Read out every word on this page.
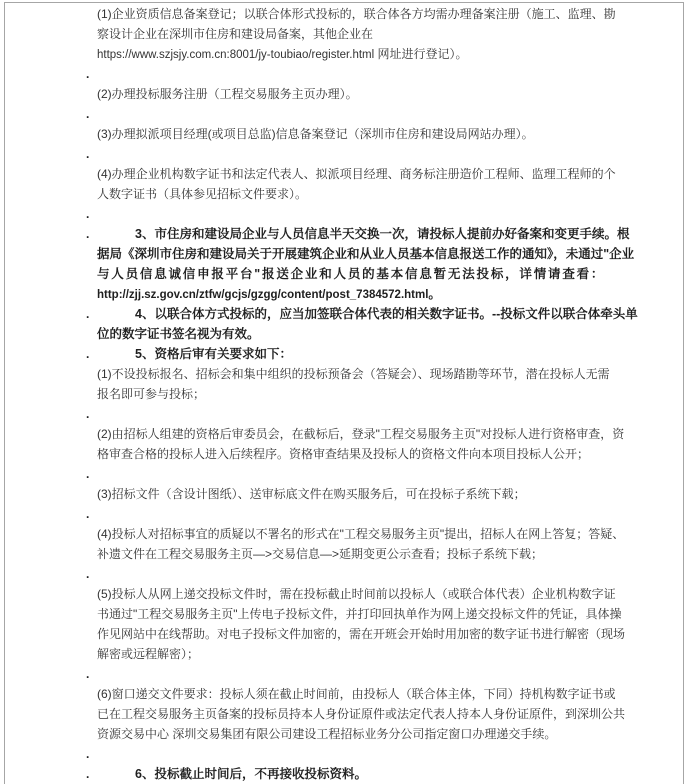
(1)企业资质信息备案登记；以联合体形式投标的，联合体各方均需办理备案注册（施工、监理、勘
察设计企业在深圳市住房和建设局备案，其他企业在
https://www.szjsjy.com.cn:8001/jy-toubiao/register.html 网址进行登记）。
.
(2)办理投标服务注册（工程交易服务主页办理）。
.
(3)办理拟派项目经理(或项目总监)信息备案登记（深圳市住房和建设局网站办理）。
.
(4)办理企业机构数字证书和法定代表人、拟派项目经理、商务标注册造价工程师、监理工程师的个
人数字证书（具体参见招标文件要求）。
.
.	3、市住房和建设局企业与人员信息半天交换一次，请投标人提前办好备案和变更手续。根
据局《深圳市住房和建设局关于开展建筑企业和从业人员基本信息报送工作的通知》，未通过"企业
与人员信息诚信申报平台"报送企业和人员的基本信息暂无法投标，详情请查看：
http://zjj.sz.gov.cn/ztfw/gcjs/gzgg/content/post_7384572.html。
.	4、以联合体方式投标的，应当加签联合体代表的相关数字证书。--投标文件以联合体牵头单
位的数字证书签名视为有效。
.	5、资格后审有关要求如下：
(1)不设投标报名、招标会和集中组织的投标预备会（答疑会）、现场踏勘等环节，潜在投标人无需
报名即可参与投标；
.
(2)由招标人组建的资格后审委员会，在截标后，登录"工程交易服务主页"对投标人进行资格审查，资
格审查合格的投标人进入后续程序。资格审查结果及投标人的资格文件向本项目投标人公开；
.
(3)招标文件（含设计图纸）、送审标底文件在购买服务后，可在投标子系统下载；
.
(4)投标人对招标事宜的质疑以不署名的形式在"工程交易服务主页"提出，招标人在网上答复；答疑、
补遗文件在工程交易服务主页—>交易信息—>延期变更公示查看；投标子系统下载；
.
(5)投标人从网上递交投标文件时，需在投标截止时间前以投标人（或联合体代表）企业机构数字证
书通过"工程交易服务主页"上传电子投标文件，并打印回执单作为网上递交投标文件的凭证，具体操
作见网站中在线帮助。对电子投标文件加密的，需在开班会开始时用加密的数字证书进行解密（现场
解密或远程解密）；
.
(6)窗口递交文件要求：投标人须在截止时间前，由投标人（联合体主体，下同）持机构数字证书或
已在工程交易服务主页备案的投标员持本人身份证原件或法定代表人持本人身份证原件，到深圳公共
资源交易中心 深圳交易集团有限公司建设工程招标业务分公司指定窗口办理递交手续。
.
.	6、投标截止时间后，不再接收投标资料。
